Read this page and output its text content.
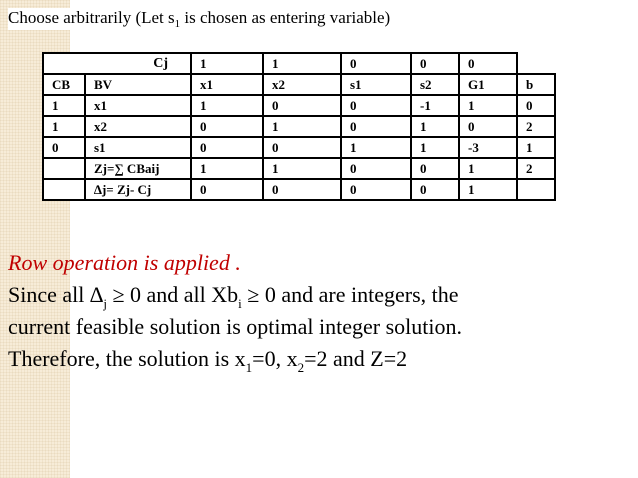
Choose arbitrarily (Let $s_1$ is chosen as entering variable)
Cj		1	1	0	0	0	
CB	BV	x1	x2	s1	s2	G1	b
1	x1	1	0	0	-1	1	0
1	x2	0	1	0	1	0	2
0	s1	0	0	1	1	-3	1
	Zj=∑ CBaij	1	1	0	0	1	2
	∆j= Zj- Cj	0	0	0	0	1	
Row operation is applied .
Since all $\Delta_j \ge 0$ and all $Xb_i \ge 0$ and are integers, the
current feasible solution is optimal integer solution.
Therefore, the solution is $x_1=0$, $x_2=2$ and Z=2
